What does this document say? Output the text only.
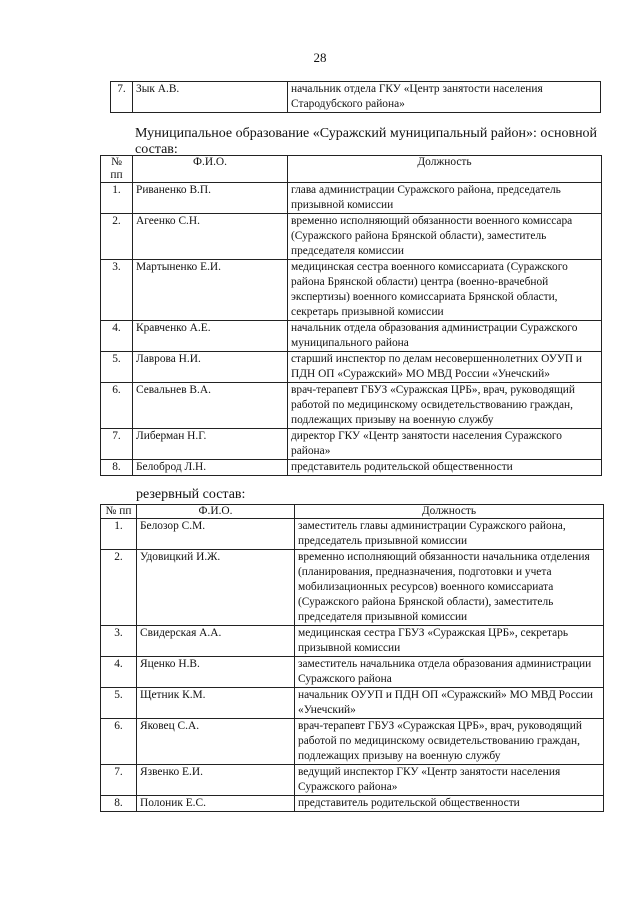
28
7.	Зык А.В.	начальник отдела ГКУ «Центр занятости населения Стародубского района»
Муниципальное образование «Суражский муниципальный район»: основной состав:
№ пп	Ф.И.О.	Должность
1.	Риваненко В.П.	глава администрации Суражского района, председатель призывной комиссии
2.	Агеенко С.Н.	временно исполняющий обязанности военного комиссара (Суражского района Брянской области), заместитель председателя комиссии
3.	Мартыненко Е.И.	медицинская сестра военного комиссариата (Суражского района Брянской области) центра (военно-врачебной экспертизы) военного комиссариата Брянской области, секретарь призывной комиссии
4.	Кравченко А.Е.	начальник отдела образования администрации Суражского муниципального района
5.	Лаврова Н.И.	старший инспектор по делам несовершеннолетних ОУУП и ПДН ОП «Суражский» МО МВД России «Унечский»
6.	Севальнев В.А.	врач-терапевт ГБУЗ «Суражская ЦРБ», врач, руководящий работой по медицинскому освидетельствованию граждан, подлежащих призыву на военную службу
7.	Либерман Н.Г.	директор ГКУ «Центр занятости населения Суражского района»
8.	Белоброд Л.Н.	представитель родительской общественности
резервный состав:
№ пп	Ф.И.О.	Должность
1.	Белозор С.М.	заместитель главы администрации Суражского района, председатель призывной комиссии
2.	Удовицкий И.Ж.	временно исполняющий обязанности начальника отделения (планирования, предназначения, подготовки и учета мобилизационных ресурсов) военного комиссариата (Суражского района Брянской области), заместитель председателя призывной комиссии
3.	Свидерская А.А.	медицинская сестра ГБУЗ «Суражская ЦРБ», секретарь призывной комиссии
4.	Яценко Н.В.	заместитель начальника отдела образования администрации Суражского района
5.	Щетник К.М.	начальник ОУУП и ПДН ОП «Суражский» МО МВД России «Унечский»
6.	Яковец С.А.	врач-терапевт ГБУЗ «Суражская ЦРБ», врач, руководящий работой по медицинскому освидетельствованию граждан, подлежащих призыву на военную службу
7.	Язвенко Е.И.	ведущий инспектор ГКУ «Центр занятости населения Суражского района»
8.	Полоник Е.С.	представитель родительской общественности
